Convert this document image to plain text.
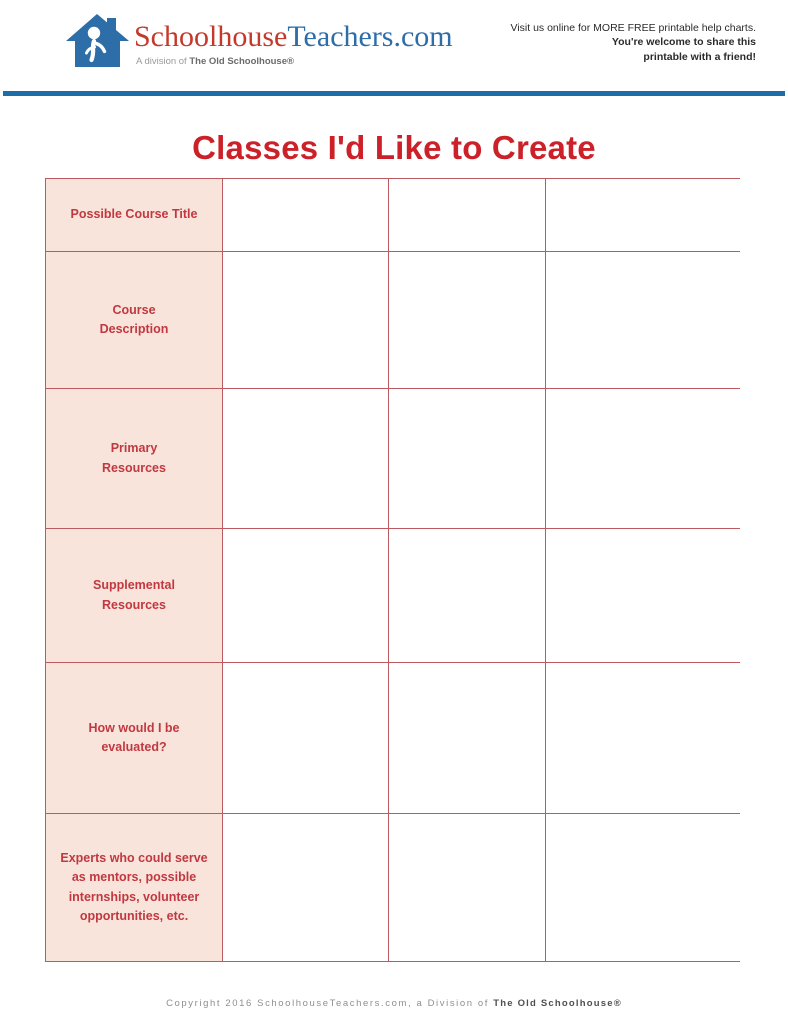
SchoolhouseTeachers.com
A division of The Old Schoolhouse®
Visit us online for MORE FREE printable help charts.
You're welcome to share this
printable with a friend!
Classes I'd Like to Create
Possible Course Title
Course
Description
Primary
Resources
Supplemental
Resources
How would I be
evaluated?
Experts who could serve
as mentors, possible
internships, volunteer
opportunities, etc.
Copyright 2016 SchoolhouseTeachers.com, a Division of The Old Schoolhouse®
